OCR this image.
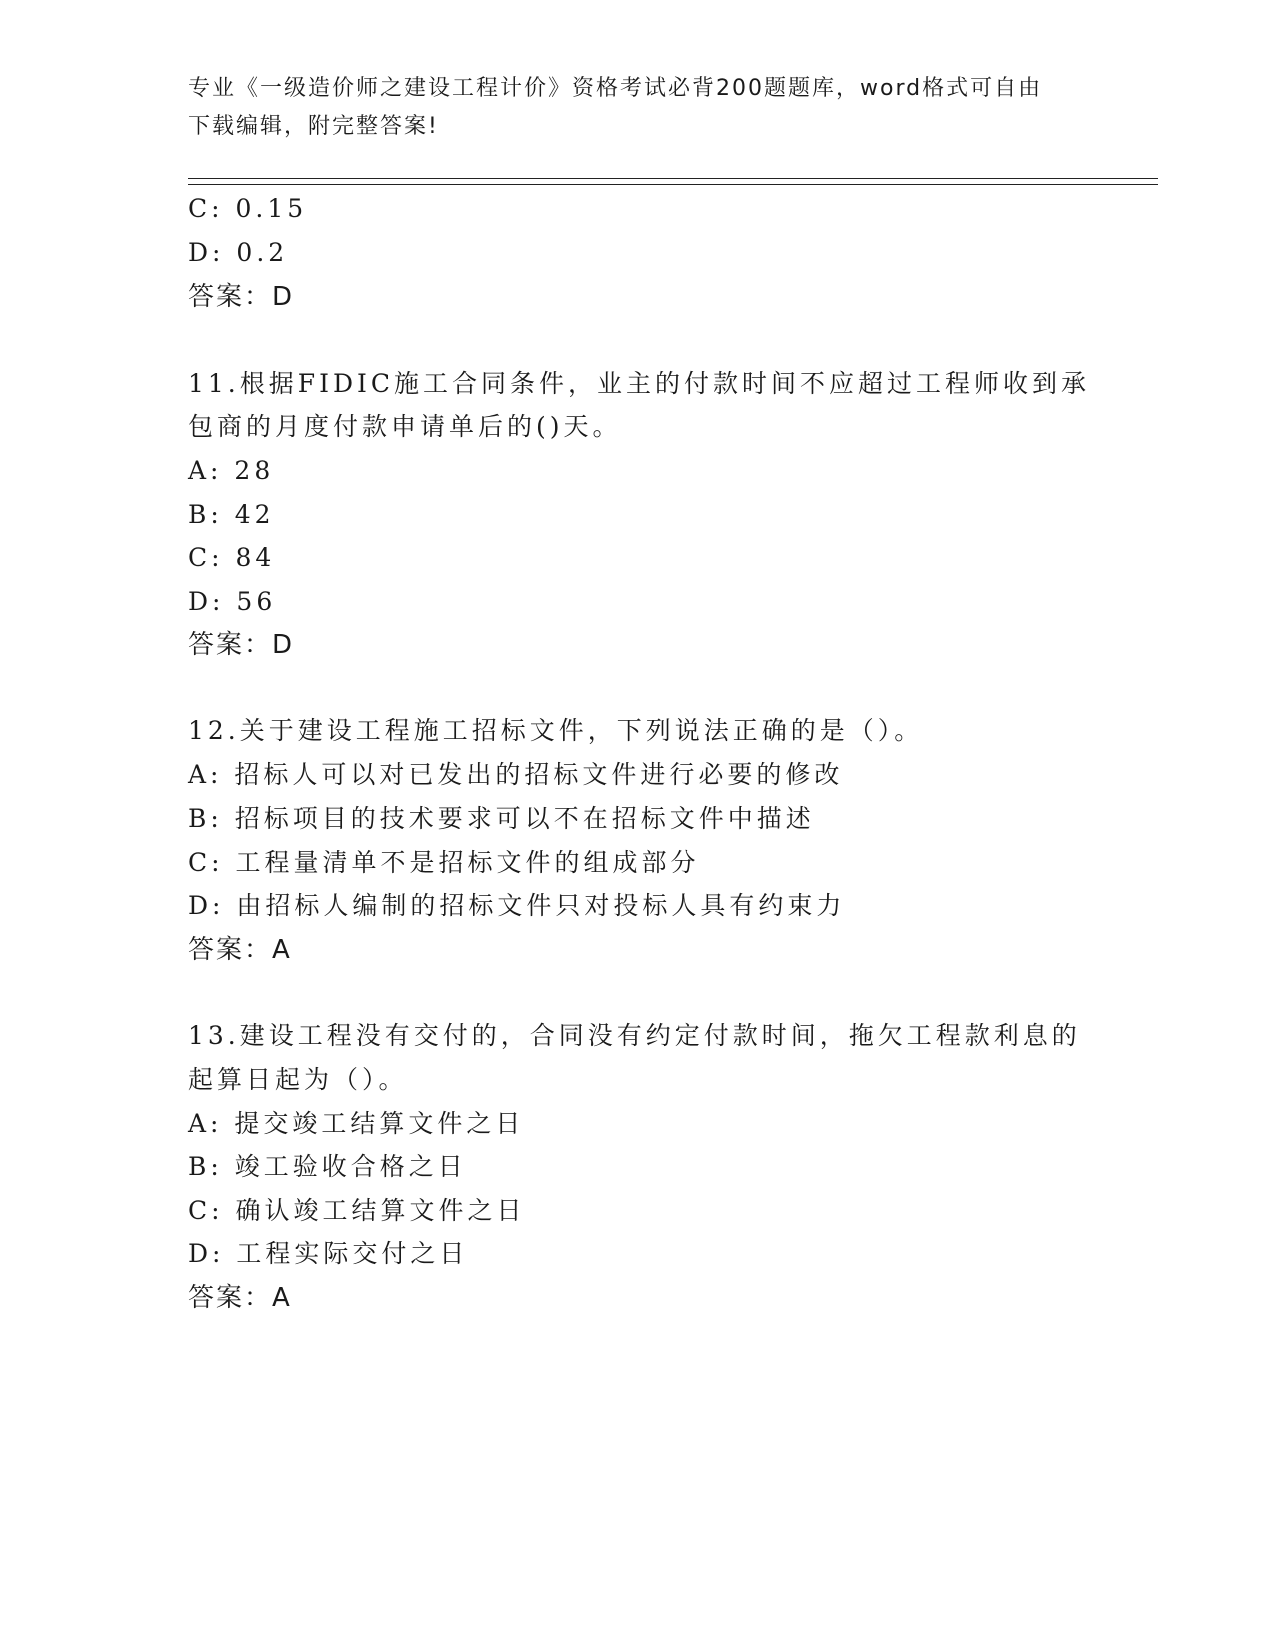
专业《一级造价师之建设工程计价》资格考试必背200题题库，word格式可自由
下载编辑，附完整答案!
C: 0.15
D: 0.2
答案：D
11.根据FIDIC施工合同条件，业主的付款时间不应超过工程师收到承
包商的月度付款申请单后的()天。
A: 28
B: 42
C: 84
D: 56
答案：D
12.关于建设工程施工招标文件，下列说法正确的是（）。
A: 招标人可以对已发出的招标文件进行必要的修改
B: 招标项目的技术要求可以不在招标文件中描述
C: 工程量清单不是招标文件的组成部分
D: 由招标人编制的招标文件只对投标人具有约束力
答案：A
13.建设工程没有交付的，合同没有约定付款时间，拖欠工程款利息的
起算日起为（）。
A: 提交竣工结算文件之日
B: 竣工验收合格之日
C: 确认竣工结算文件之日
D: 工程实际交付之日
答案：A
